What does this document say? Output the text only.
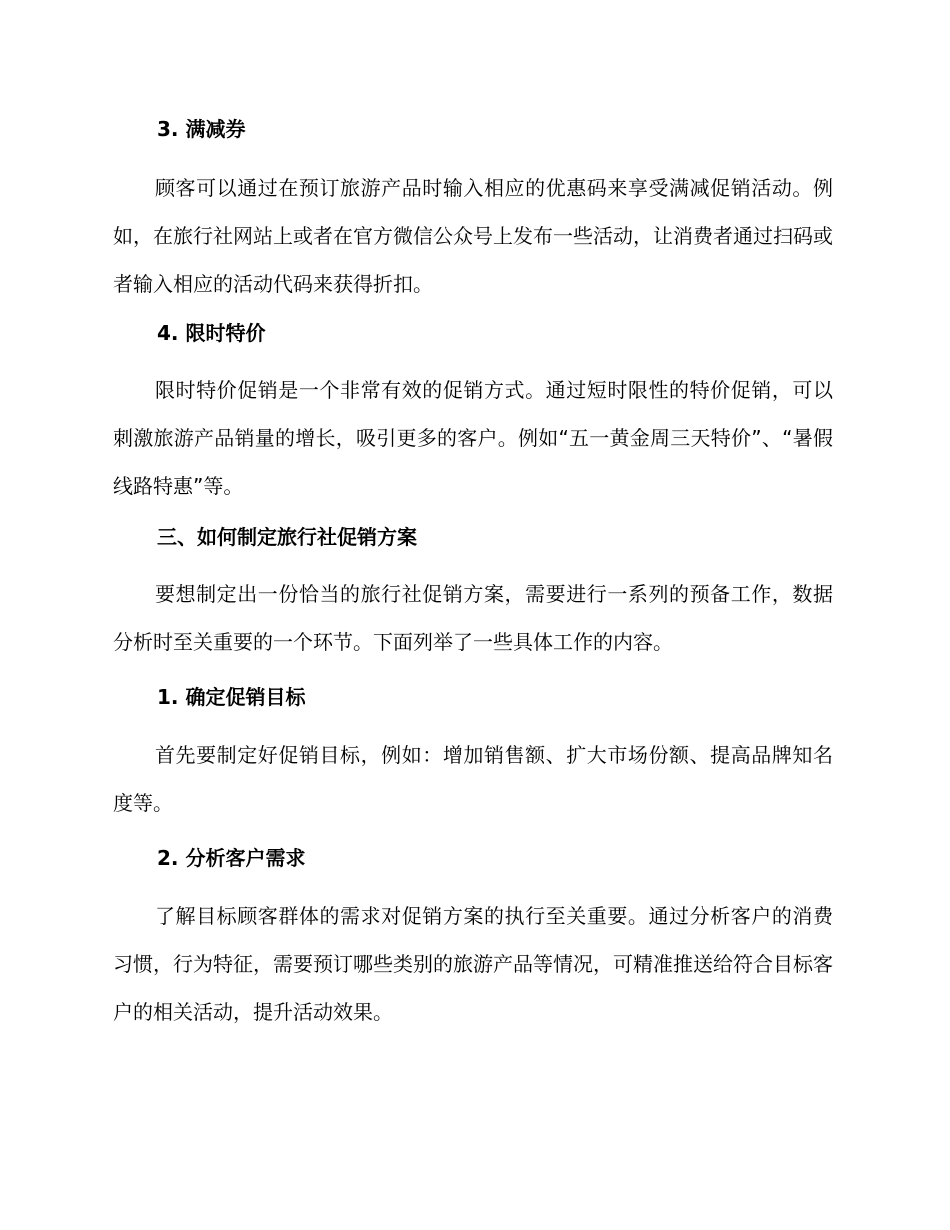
3. 满减券

顾客可以通过在预订旅游产品时输入相应的优惠码来享受满减促销活动。例如，在旅行社网站上或者在官方微信公众号上发布一些活动，让消费者通过扫码或者输入相应的活动代码来获得折扣。

4. 限时特价

限时特价促销是一个非常有效的促销方式。通过短时限性的特价促销，可以刺激旅游产品销量的增长，吸引更多的客户。例如“五一黄金周三天特价”、“暑假线路特惠”等。

三、如何制定旅行社促销方案

要想制定出一份恰当的旅行社促销方案，需要进行一系列的预备工作，数据分析时至关重要的一个环节。下面列举了一些具体工作的内容。

1. 确定促销目标

首先要制定好促销目标，例如：增加销售额、扩大市场份额、提高品牌知名度等。

2. 分析客户需求

了解目标顾客群体的需求对促销方案的执行至关重要。通过分析客户的消费习惯，行为特征，需要预订哪些类别的旅游产品等情况，可精准推送给符合目标客户的相关活动，提升活动效果。
